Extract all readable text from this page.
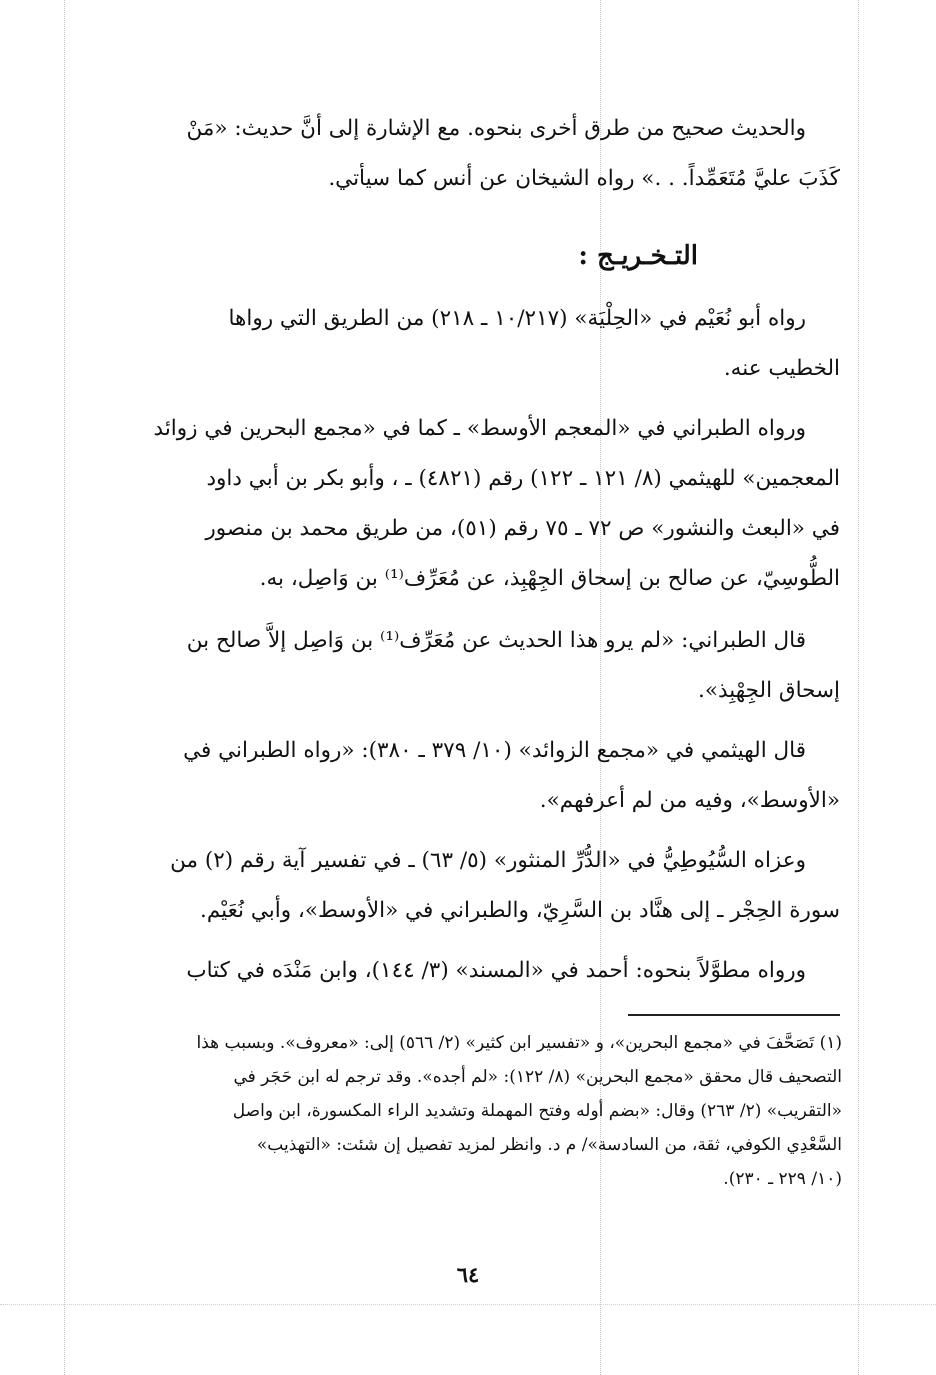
والحديث صحيح من طرق أخرى بنحوه. مع الإشارة إلى أنَّ حديث: «مَنْ
كَذَبَ عليَّ مُتَعَمِّداً. . .» رواه الشيخان عن أنس كما سيأتي.
التـخـريـج :
رواه أبو نُعَيْم في «الحِلْيَة» (١٠/٢١٧ ـ ٢١٨) من الطريق التي رواها
الخطيب عنه.
ورواه الطبراني في «المعجم الأوسط» ـ كما في «مجمع البحرين في زوائد
المعجمين» للهيثمي (٨/ ١٢١ ـ ١٢٢) رقم (٤٨٢١) ـ ، وأبو بكر بن أبي داود
في «البعث والنشور» ص ٧٢ ـ ٧٥ رقم (٥١)، من طريق محمد بن منصور
الطُّوسِيّ، عن صالح بن إسحاق الجِهْبِذ، عن مُعَرِّف⁽¹⁾ بن وَاصِل، به.
قال الطبراني: «لم يرو هذا الحديث عن مُعَرِّف⁽¹⁾ بن وَاصِل إلاَّ صالح بن
إسحاق الجِهْبِذ».
قال الهيثمي في «مجمع الزوائد» (١٠/ ٣٧٩ ـ ٣٨٠): «رواه الطبراني في
«الأوسط»، وفيه من لم أعرفهم».
وعزاه السُّيُوطِيُّ في «الدُّرِّ المنثور» (٥/ ٦٣) ـ في تفسير آية رقم (٢) من
سورة الحِجْر ـ إلى هنَّاد بن السَّرِيّ، والطبراني في «الأوسط»، وأبي نُعَيْم.
ورواه مطوَّلاً بنحوه: أحمد في «المسند» (٣/ ١٤٤)، وابن مَنْدَه في كتاب
(١) تَصَحَّفَ في «مجمع البحرين»، و «تفسير ابن كثير» (٢/ ٥٦٦) إلى: «معروف». وبسبب هذا
التصحيف قال محقق «مجمع البحرين» (٨/ ١٢٢): «لم أجده». وقد ترجم له ابن حَجَر في
«التقريب» (٢/ ٢٦٣) وقال: «بضم أوله وفتح المهملة وتشديد الراء المكسورة، ابن واصل
السَّعْدِي الكوفي، ثقة، من السادسة»/ م د. وانظر لمزيد تفصيل إن شئت: «التهذيب»
(١٠/ ٢٢٩ ـ ٢٣٠).
٦٤
